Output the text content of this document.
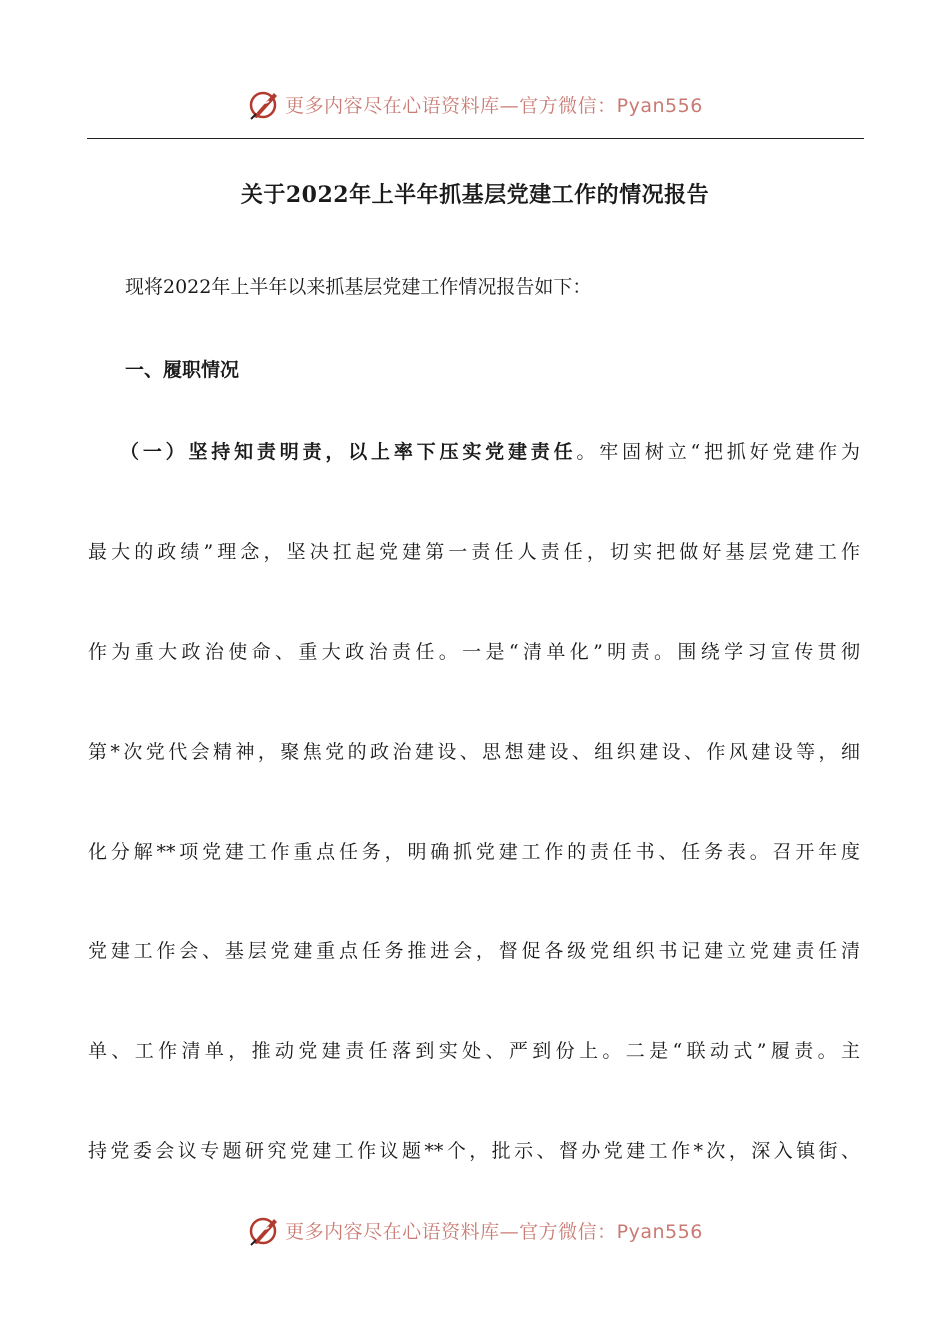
更多内容尽在心语资料库—官方微信：Pyan556
关于2022年上半年抓基层党建工作的情况报告
现将2022年上半年以来抓基层党建工作情况报告如下：
一、履职情况
（一）坚持知责明责，以上率下压实党建责任。牢固树立“把抓好党建作为
最大的政绩”理念，坚决扛起党建第一责任人责任，切实把做好基层党建工作
作为重大政治使命、重大政治责任。一是“清单化”明责。围绕学习宣传贯彻
第*次党代会精神，聚焦党的政治建设、思想建设、组织建设、作风建设等，细
化分解**项党建工作重点任务，明确抓党建工作的责任书、任务表。召开年度
党建工作会、基层党建重点任务推进会，督促各级党组织书记建立党建责任清
单、工作清单，推动党建责任落到实处、严到份上。二是“联动式”履责。主
持党委会议专题研究党建工作议题**个，批示、督办党建工作*次，深入镇街、
更多内容尽在心语资料库—官方微信：Pyan556
